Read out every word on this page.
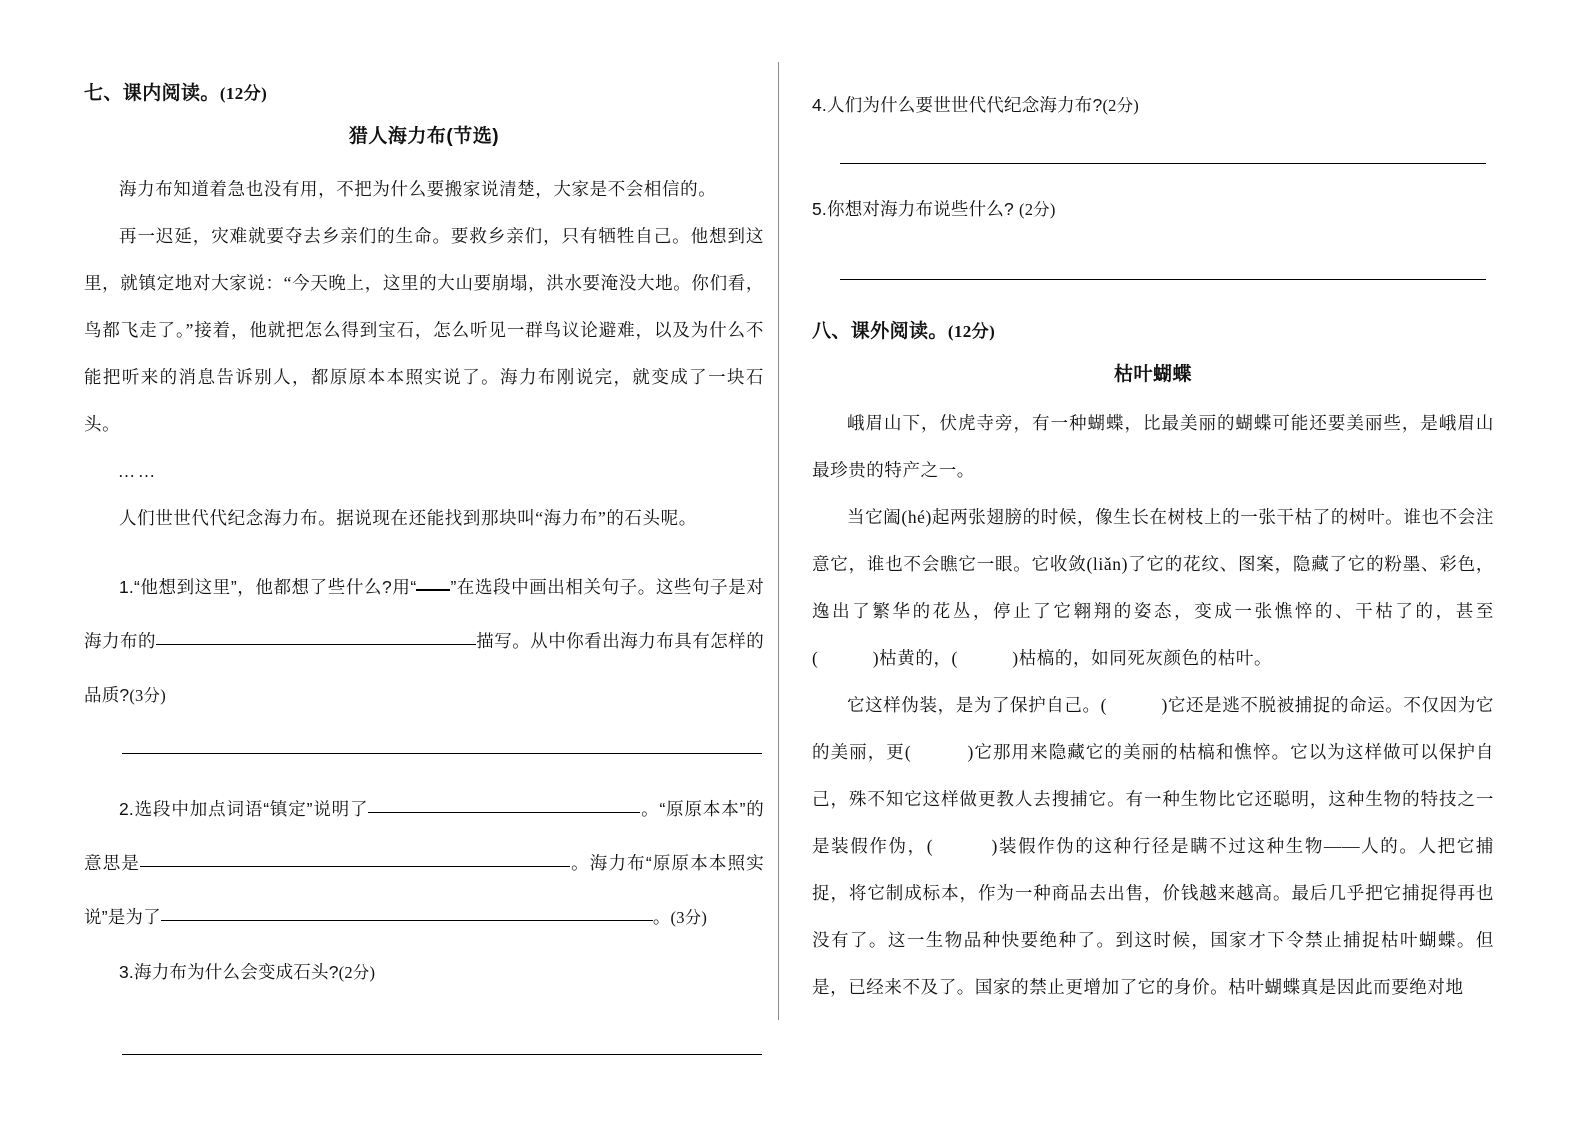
七、课内阅读。(12分)
猎人海力布(节选)

海力布知道着急也没有用，不把为什么要搬家说清楚，大家是不会相信的。

再一迟延，灾难就要夺去乡亲们的生命。要救乡亲们，只有牺牲自己。他想到这里，就镇定地对大家说：“今天晚上，这里的大山要崩塌，洪水要淹没大地。你们看，鸟都飞走了。”接着，他就把怎么得到宝石，怎么听见一群鸟议论避难，以及为什么不能把听来的消息告诉别人，都原原本本照实说了。海力布刚说完，就变成了一块石头。

……

人们世世代代纪念海力布。据说现在还能找到那块叫“海力布”的石头呢。

1.“他想到这里”，他都想了些什么?用“ ”在选段中画出相关句子。这些句子是对海力布的	描写。从中你看出海力布具有怎样的品质?(3分)

2.选段中加点词语“镇定”说明了	。“原原本本”的意思是	。海力布“原原本本照实说”是为了	。(3分)

3.海力布为什么会变成石头?(2分)

4.人们为什么要世世代代纪念海力布?(2分)

5.你想对海力布说些什么? (2分)

八、课外阅读。(12分)
枯叶蝴蝶

峨眉山下，伏虎寺旁，有一种蝴蝶，比最美丽的蝴蝶可能还要美丽些，是峨眉山最珍贵的特产之一。

当它阖(hé)起两张翅膀的时候，像生长在树枝上的一张干枯了的树叶。谁也不会注意它，谁也不会瞧它一眼。它收敛(liǎn)了它的花纹、图案，隐藏了它的粉墨、彩色，逸出了繁华的花丛，停止了它翱翔的姿态，变成一张憔悴的、干枯了的，甚至(　　　)枯黄的，(　　　)枯槁的，如同死灰颜色的枯叶。

它这样伪装，是为了保护自己。(　　　)它还是逃不脱被捕捉的命运。不仅因为它的美丽，更(　　　)它那用来隐藏它的美丽的枯槁和憔悴。它以为这样做可以保护自己，殊不知它这样做更教人去搜捕它。有一种生物比它还聪明，这种生物的特技之一是装假作伪，(　　　)装假作伪的这种行径是瞒不过这种生物——人的。人把它捕捉，将它制成标本，作为一种商品去出售，价钱越来越高。最后几乎把它捕捉得再也没有了。这一生物品种快要绝种了。到这时候，国家才下令禁止捕捉枯叶蝴蝶。但是，已经来不及了。国家的禁止更增加了它的身价。枯叶蝴蝶真是因此而要绝对地
